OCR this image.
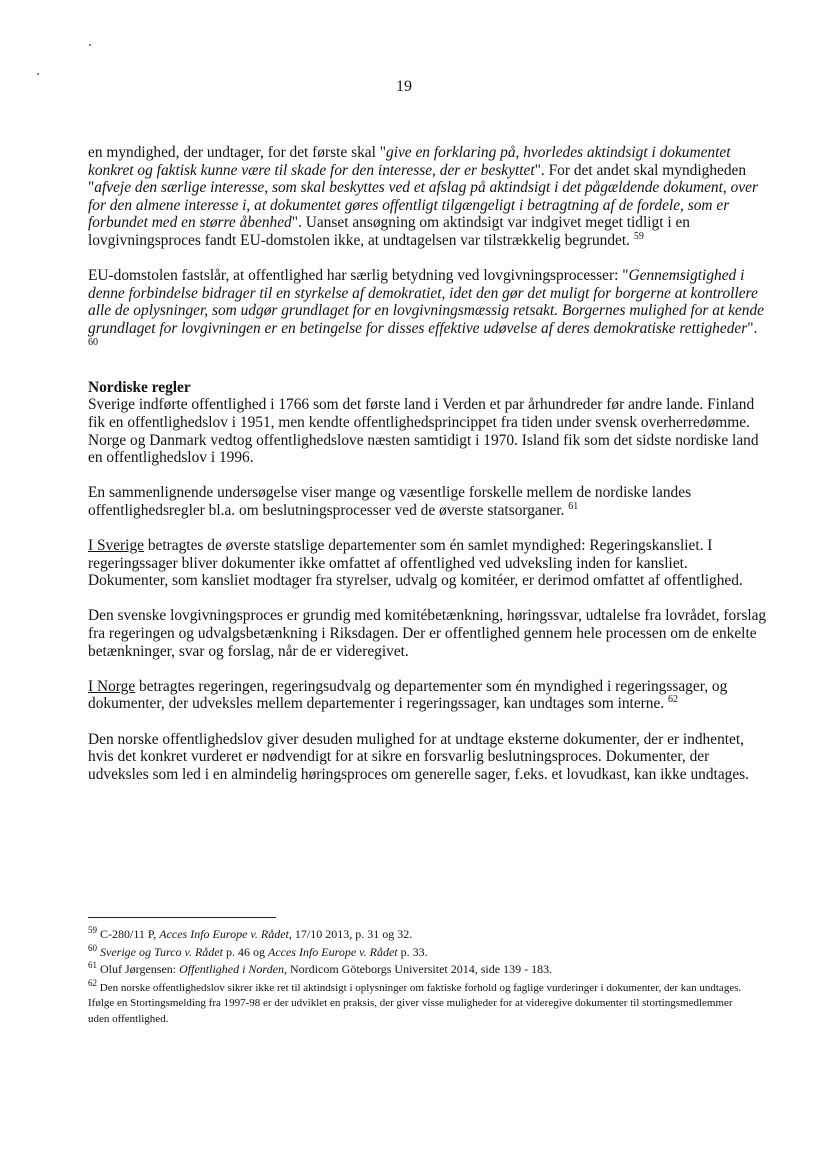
19

en myndighed, der undtager, for det første skal "give en forklaring på, hvorledes aktindsigt i dokumentet konkret og faktisk kunne være til skade for den interesse, der er beskyttet". For det andet skal myndigheden "afveje den særlige interesse, som skal beskyttes ved et afslag på aktindsigt i det pågældende dokument, over for den almene interesse i, at dokumentet gøres offentligt tilgængeligt i betragtning af de fordele, som er forbundet med en større åbenhed". Uanset ansøgning om aktindsigt var indgivet meget tidligt i en lovgivningsproces fandt EU-domstolen ikke, at undtagelsen var tilstrækkelig begrundet. $^{59}$

EU-domstolen fastslår, at offentlighed har særlig betydning ved lovgivningsprocesser: "Gennemsigtighed i denne forbindelse bidrager til en styrkelse af demokratiet, idet den gør det muligt for borgerne at kontrollere alle de oplysninger, som udgør grundlaget for en lovgivningsmæssig retsakt. Borgernes mulighed for at kende grundlaget for lovgivningen er en betingelse for disses effektive udøvelse af deres demokratiske rettigheder". $^{60}$

Nordiske regler

Sverige indførte offentlighed i 1766 som det første land i Verden et par århundreder før andre lande. Finland fik en offentlighedslov i 1951, men kendte offentlighedsprincippet fra tiden under svensk overherredømme. Norge og Danmark vedtog offentlighedslove næsten samtidigt i 1970. Island fik som det sidste nordiske land en offentlighedslov i 1996.

En sammenlignende undersøgelse viser mange og væsentlige forskelle mellem de nordiske landes offentlighedsregler bl.a. om beslutningsprocesser ved de øverste statsorganer. $^{61}$

I Sverige betragtes de øverste statslige departementer som én samlet myndighed: Regeringskansliet. I regeringssager bliver dokumenter ikke omfattet af offentlighed ved udveksling inden for kansliet. Dokumenter, som kansliet modtager fra styrelser, udvalg og komitéer, er derimod omfattet af offentlighed.

Den svenske lovgivningsproces er grundig med komitébetænkning, høringssvar, udtalelse fra lovrådet, forslag fra regeringen og udvalgsbetænkning i Riksdagen. Der er offentlighed gennem hele processen om de enkelte betænkninger, svar og forslag, når de er videregivet.

I Norge betragtes regeringen, regeringsudvalg og departementer som én myndighed i regeringssager, og dokumenter, der udveksles mellem departementer i regeringssager, kan undtages som interne. $^{62}$

Den norske offentlighedslov giver desuden mulighed for at undtage eksterne dokumenter, der er indhentet, hvis det konkret vurderet er nødvendigt for at sikre en forsvarlig beslutningsproces. Dokumenter, der udveksles som led i en almindelig høringsproces om generelle sager, f.eks. et lovudkast, kan ikke undtages.

$^{59}$ C-280/11 P, Acces Info Europe v. Rådet, 17/10 2013, p. 31 og 32.
$^{60}$ Sverige og Turco v. Rådet p. 46 og Acces Info Europe v. Rådet p. 33.
$^{61}$ Oluf Jørgensen: Offentlighed i Norden, Nordicom Göteborgs Universitet 2014, side 139 - 183.
$^{62}$ Den norske offentlighedslov sikrer ikke ret til aktindsigt i oplysninger om faktiske forhold og faglige vurderinger i dokumenter, der kan undtages. Ifølge en Stortingsmelding fra 1997-98 er der udviklet en praksis, der giver visse muligheder for at videregive dokumenter til stortingsmedlemmer uden offentlighed.
